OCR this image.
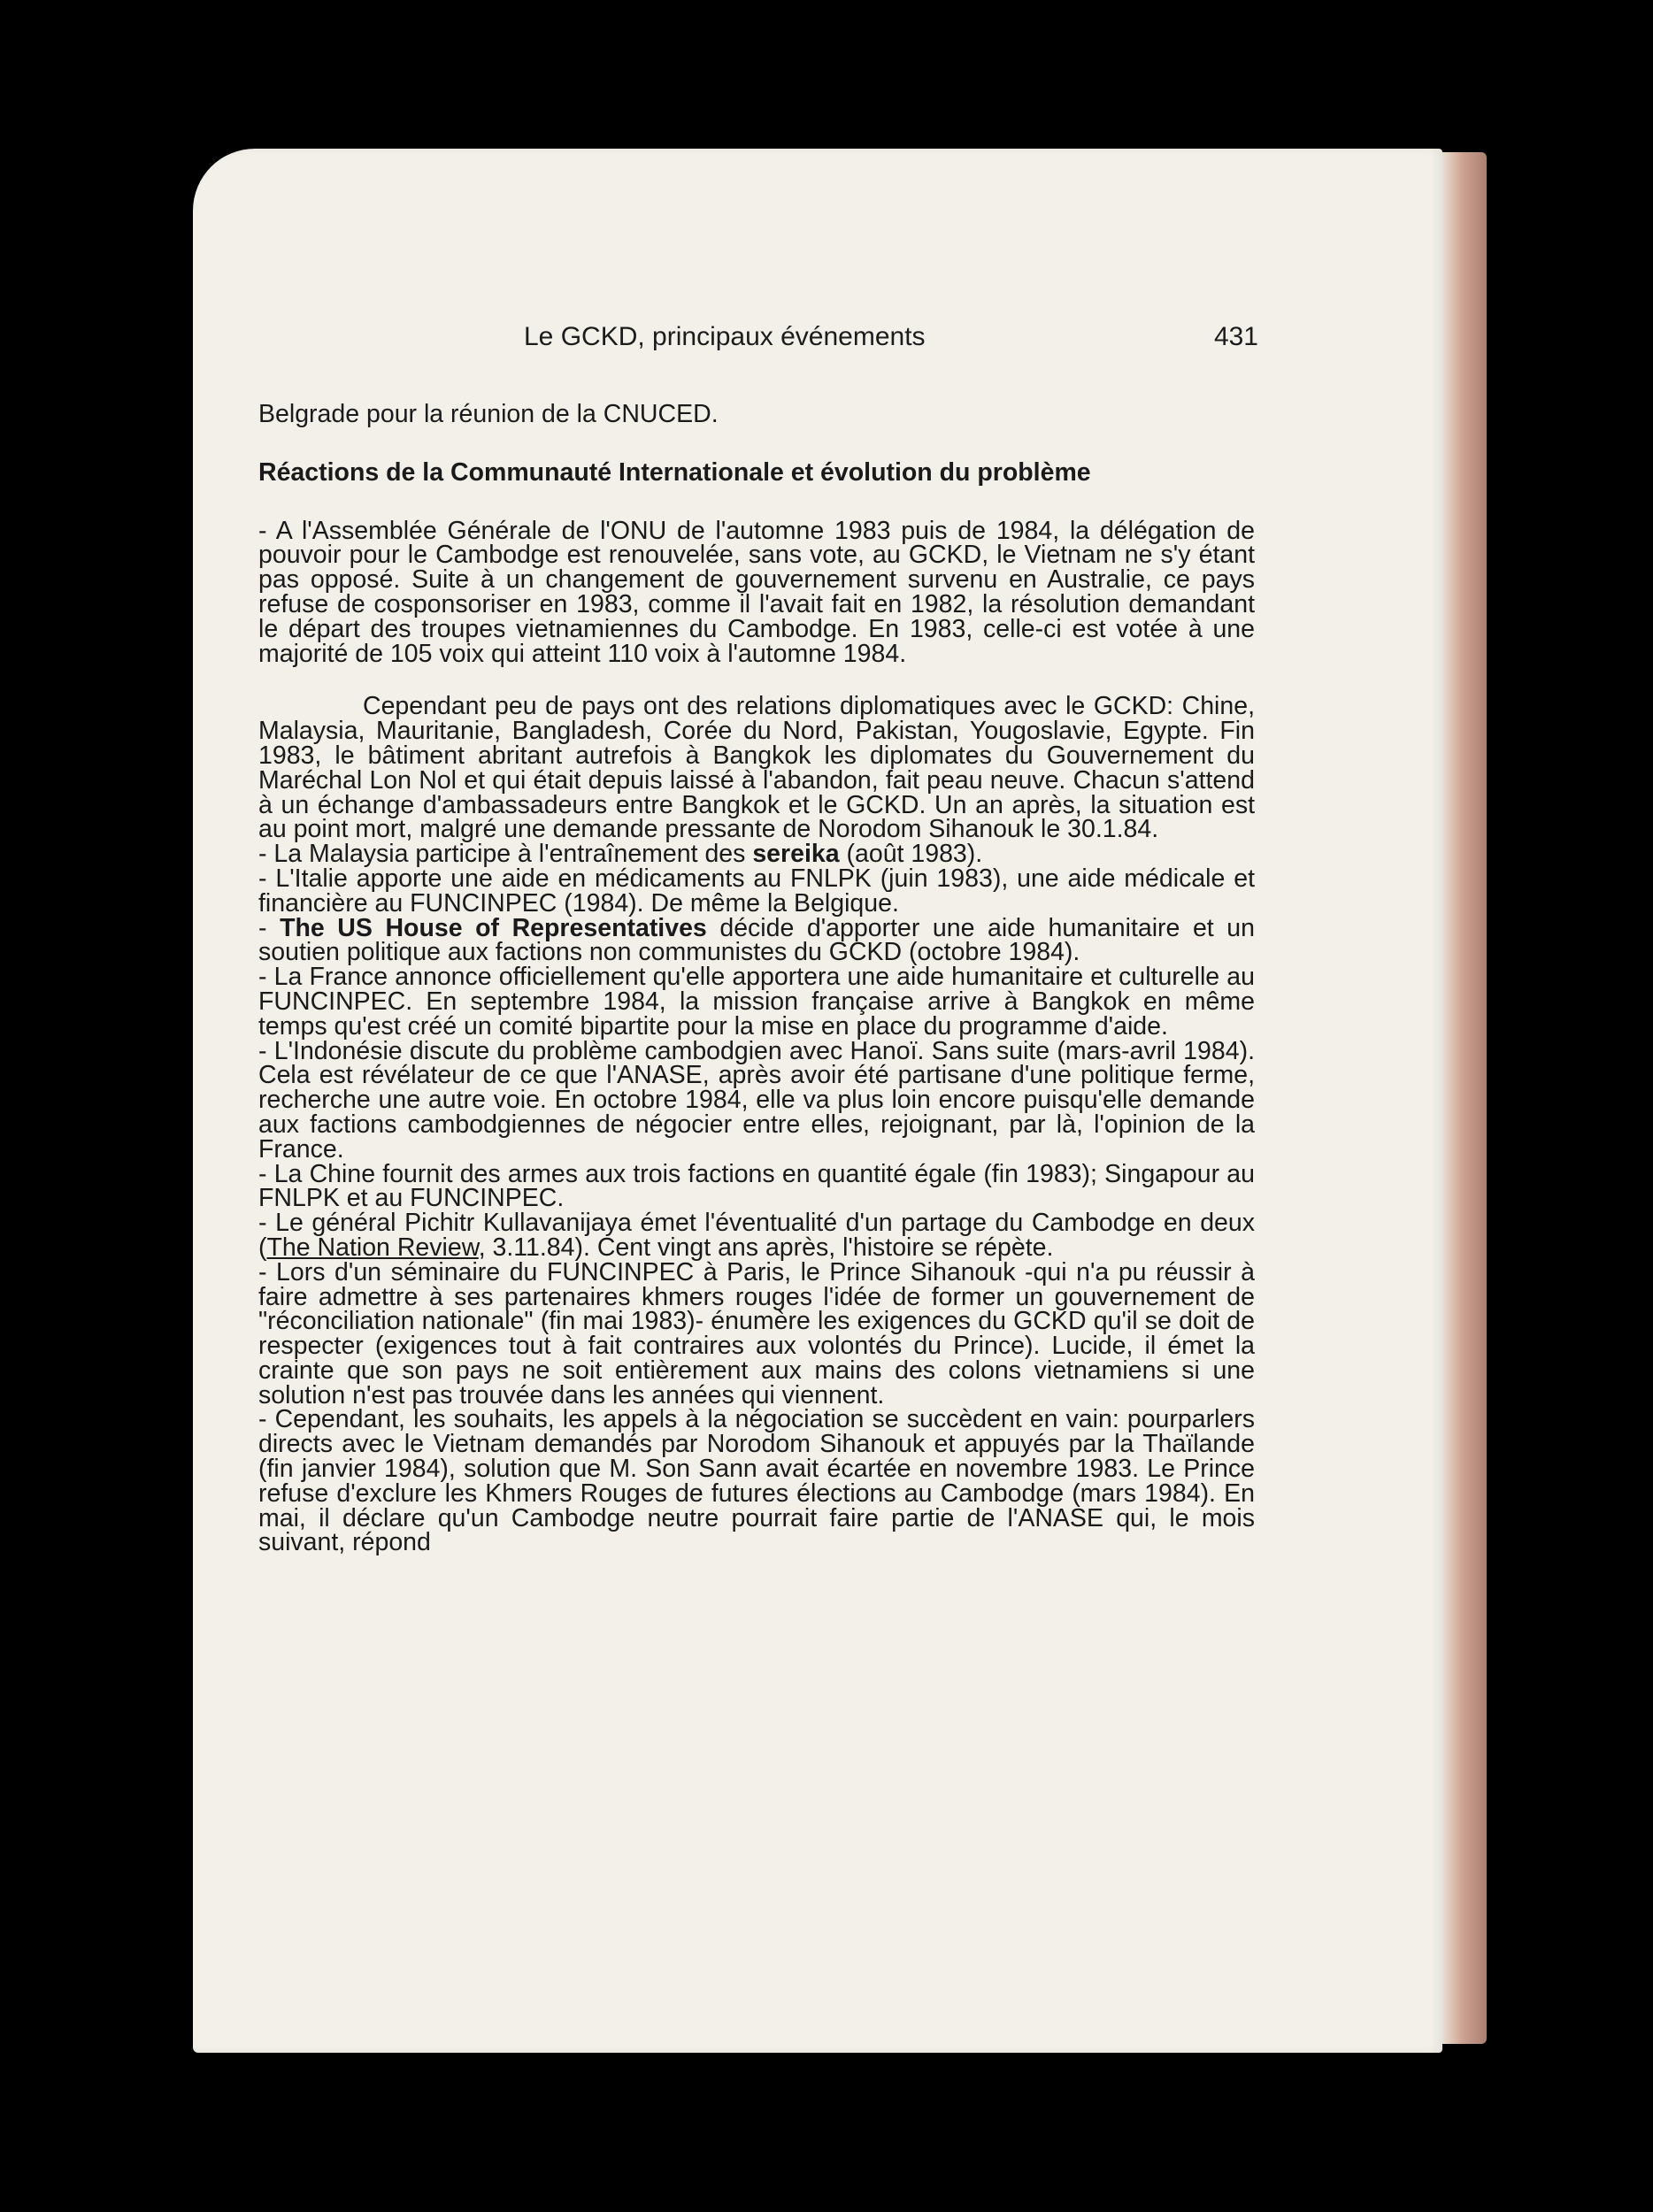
Le GCKD, principaux événements	431

Belgrade pour la réunion de la CNUCED.

Réactions de la Communauté Internationale et évolution du problème

- A l'Assemblée Générale de l'ONU de l'automne 1983 puis de 1984, la délégation de pouvoir pour le Cambodge est renouvelée, sans vote, au GCKD, le Vietnam ne s'y étant pas opposé. Suite à un changement de gouvernement survenu en Australie, ce pays refuse de cosponsoriser en 1983, comme il l'avait fait en 1982, la résolution demandant le départ des troupes vietnamiennes du Cambodge. En 1983, celle-ci est votée à une majorité de 105 voix qui atteint 110 voix à l'automne 1984.

Cependant peu de pays ont des relations diplomatiques avec le GCKD: Chine, Malaysia, Mauritanie, Bangladesh, Corée du Nord, Pakistan, Yougoslavie, Egypte. Fin 1983, le bâtiment abritant autrefois à Bangkok les diplomates du Gouvernement du Maréchal Lon Nol et qui était depuis laissé à l'abandon, fait peau neuve. Chacun s'attend à un échange d'ambassadeurs entre Bangkok et le GCKD. Un an après, la situation est au point mort, malgré une demande pressante de Norodom Sihanouk le 30.1.84.

- La Malaysia participe à l'entraînement des sereika (août 1983).

- L'Italie apporte une aide en médicaments au FNLPK (juin 1983), une aide médicale et financière au FUNCINPEC (1984). De même la Belgique.

- The US House of Representatives décide d'apporter une aide humanitaire et un soutien politique aux factions non communistes du GCKD (octobre 1984).

- La France annonce officiellement qu'elle apportera une aide humanitaire et culturelle au FUNCINPEC. En septembre 1984, la mission française arrive à Bangkok en même temps qu'est créé un comité bipartite pour la mise en place du programme d'aide.

- L'Indonésie discute du problème cambodgien avec Hanoï. Sans suite (mars-avril 1984). Cela est révélateur de ce que l'ANASE, après avoir été partisane d'une politique ferme, recherche une autre voie. En octobre 1984, elle va plus loin encore puisqu'elle demande aux factions cambodgiennes de négocier entre elles, rejoignant, par là, l'opinion de la France.

- La Chine fournit des armes aux trois factions en quantité égale (fin 1983); Singapour au FNLPK et au FUNCINPEC.

- Le général Pichitr Kullavanijaya émet l'éventualité d'un partage du Cambodge en deux (The Nation Review, 3.11.84). Cent vingt ans après, l'histoire se répète.

- Lors d'un séminaire du FUNCINPEC à Paris, le Prince Sihanouk -qui n'a pu réussir à faire admettre à ses partenaires khmers rouges l'idée de former un gouvernement de "réconciliation nationale" (fin mai 1983)- énumère les exigences du GCKD qu'il se doit de respecter (exigences tout à fait contraires aux volontés du Prince). Lucide, il émet la crainte que son pays ne soit entièrement aux mains des colons vietnamiens si une solution n'est pas trouvée dans les années qui viennent.

- Cependant, les souhaits, les appels à la négociation se succèdent en vain: pourparlers directs avec le Vietnam demandés par Norodom Sihanouk et appuyés par la Thaïlande (fin janvier 1984), solution que M. Son Sann avait écartée en novembre 1983. Le Prince refuse d'exclure les Khmers Rouges de futures élections au Cambodge (mars 1984). En mai, il déclare qu'un Cambodge neutre pourrait faire partie de l'ANASE qui, le mois suivant, répond
